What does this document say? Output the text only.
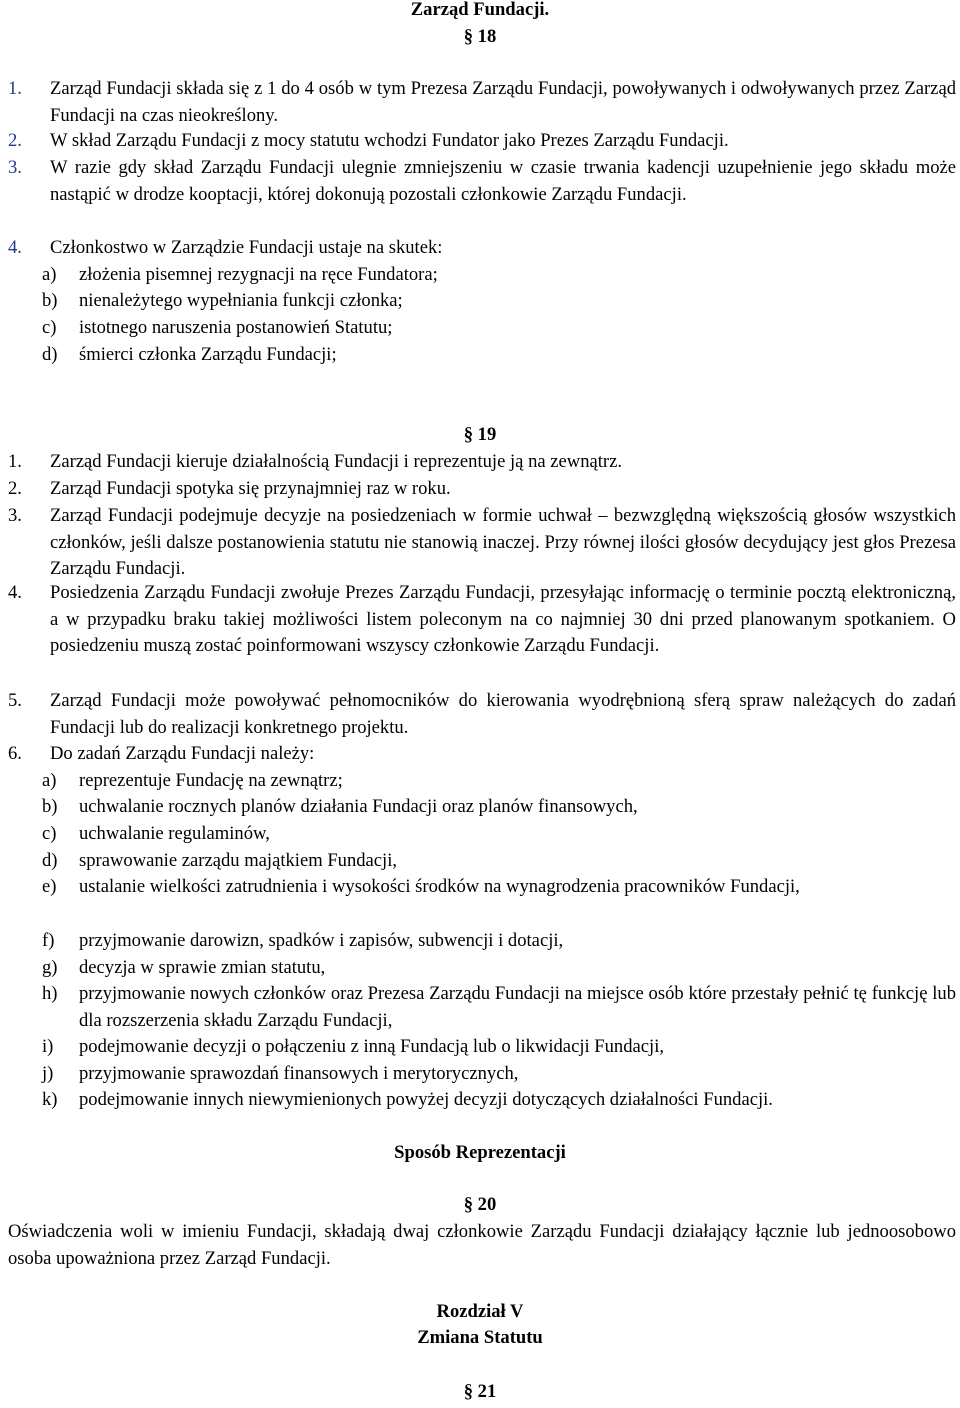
Zarząd Fundacji.
§ 18
1. Zarząd Fundacji składa się z 1 do 4 osób w tym Prezesa Zarządu Fundacji, powoływanych i odwoływanych przez Zarząd Fundacji na czas nieokreślony.
2. W skład Zarządu Fundacji z mocy statutu wchodzi Fundator jako Prezes Zarządu Fundacji.
3. W razie gdy skład Zarządu Fundacji ulegnie zmniejszeniu w czasie trwania kadencji uzupełnienie jego składu może nastąpić w drodze kooptacji, której dokonują pozostali członkowie Zarządu Fundacji.
4. Członkostwo w Zarządzie Fundacji ustaje na skutek:
a) złożenia pisemnej rezygnacji na ręce Fundatora;
b) nienależytego wypełniania funkcji członka;
c) istotnego naruszenia postanowień Statutu;
d) śmierci członka Zarządu Fundacji;
§ 19
1. Zarząd Fundacji kieruje działalnością Fundacji i reprezentuje ją na zewnątrz.
2. Zarząd Fundacji spotyka się przynajmniej raz w roku.
3. Zarząd Fundacji podejmuje decyzje na posiedzeniach w formie uchwał – bezwzględną większością głosów wszystkich członków, jeśli dalsze postanowienia statutu nie stanowią inaczej. Przy równej ilości głosów decydujący jest głos Prezesa Zarządu Fundacji.
4. Posiedzenia Zarządu Fundacji zwołuje Prezes Zarządu Fundacji, przesyłając informację o terminie pocztą elektroniczną, a w przypadku braku takiej możliwości listem poleconym na co najmniej 30 dni przed planowanym spotkaniem. O posiedzeniu muszą zostać poinformowani wszyscy członkowie Zarządu Fundacji.
5. Zarząd Fundacji może powoływać pełnomocników do kierowania wyodrębnioną sferą spraw należących do zadań Fundacji lub do realizacji konkretnego projektu.
6. Do zadań Zarządu Fundacji należy:
a) reprezentuje Fundację na zewnątrz;
b) uchwalanie rocznych planów działania Fundacji oraz planów finansowych,
c) uchwalanie regulaminów,
d) sprawowanie zarządu majątkiem Fundacji,
e) ustalanie wielkości zatrudnienia i wysokości środków na wynagrodzenia pracowników Fundacji,
f) przyjmowanie darowizn, spadków i zapisów, subwencji i dotacji,
g) decyzja w sprawie zmian statutu,
h) przyjmowanie nowych członków oraz Prezesa Zarządu Fundacji na miejsce osób które przestały pełnić tę funkcję lub dla rozszerzenia składu Zarządu Fundacji,
i) podejmowanie decyzji o połączeniu z inną Fundacją lub o likwidacji Fundacji,
j) przyjmowanie sprawozdań finansowych i merytorycznych,
k) podejmowanie innych niewymienionych powyżej decyzji dotyczących działalności Fundacji.
Sposób Reprezentacji
§ 20
Oświadczenia woli w imieniu Fundacji, składają dwaj członkowie Zarządu Fundacji działający łącznie lub jednoosobowo osoba upoważniona przez Zarząd Fundacji.
Rozdział V
Zmiana Statutu
§ 21
